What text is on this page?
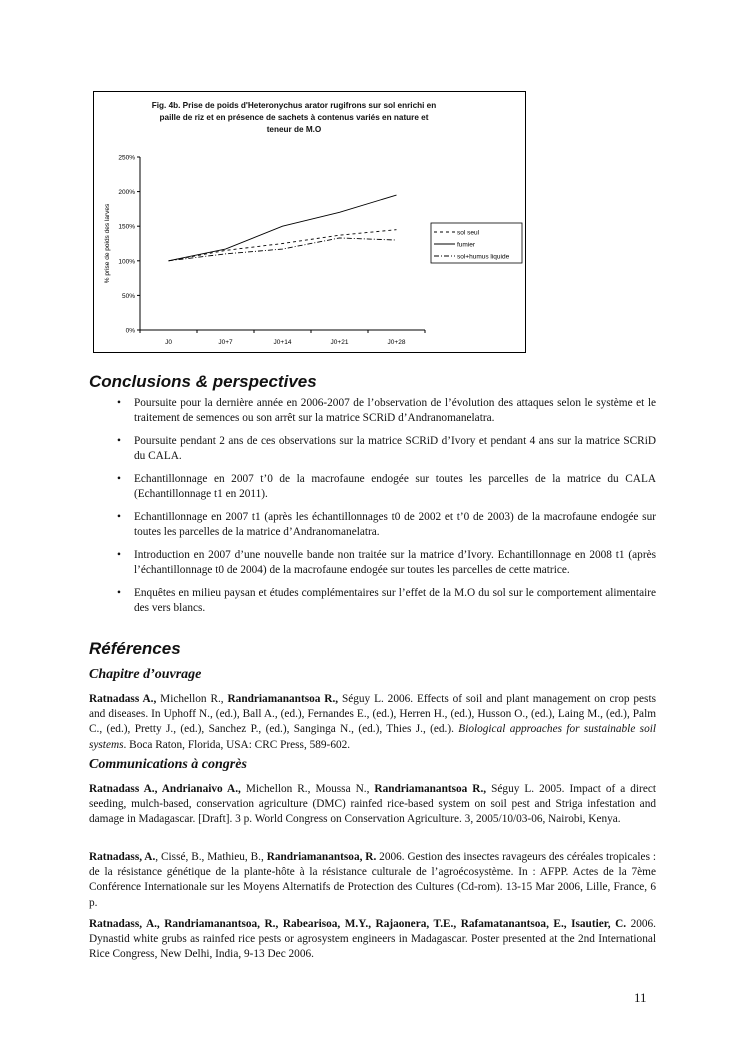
Fig. 4b. Prise de poids d'Heteronychus arator rugifrons sur sol enrichi en
paille de riz et en présence de sachets à contenus variés en nature et
teneur de M.O
0%
50%
100%
150%
200%
250%
J0	J0+7	J0+14	J0+21	J0+28
% prise de poids des larves	sol seul
fumier
sol+humus liquide
Conclusions & perspectives
• Poursuite pour la dernière année en 2006-2007 de l’observation de l’évolution des attaques selon le système et le traitement de semences ou son arrêt sur la matrice SCRiD d’Andranomanelatra.
• Poursuite pendant 2 ans de ces observations sur la matrice SCRiD d’Ivory et pendant 4 ans sur la matrice SCRiD du CALA.
• Echantillonnage en 2007 t’0 de la macrofaune endogée sur toutes les parcelles de la matrice du CALA (Echantillonnage t1 en 2011).
• Echantillonnage en 2007 t1 (après les échantillonnages t0 de 2002 et t’0 de 2003) de la macrofaune endogée sur toutes les parcelles de la matrice d’Andranomanelatra.
• Introduction en 2007 d’une nouvelle bande non traitée sur la matrice d’Ivory. Echantillonnage en 2008 t1 (après l’échantillonnage t0 de 2004) de la macrofaune endogée sur toutes les parcelles de cette matrice.
• Enquêtes en milieu paysan et études complémentaires sur l’effet de la M.O du sol sur le comportement alimentaire des vers blancs.
Références
Chapitre d’ouvrage
Ratnadass A., Michellon R., Randriamanantsoa R., Séguy L. 2006. Effects of soil and plant management on crop pests and diseases. In Uphoff N., (ed.), Ball A., (ed.), Fernandes E., (ed.), Herren H., (ed.), Husson O., (ed.), Laing M., (ed.), Palm C., (ed.), Pretty J., (ed.), Sanchez P., (ed.), Sanginga N., (ed.), Thies J., (ed.). Biological approaches for sustainable soil systems. Boca Raton, Florida, USA: CRC Press, 589-602.
Communications à congrès
Ratnadass A., Andrianaivo A., Michellon R., Moussa N., Randriamanantsoa R., Séguy L. 2005. Impact of a direct seeding, mulch-based, conservation agriculture (DMC) rainfed rice-based system on soil pest and Striga infestation and damage in Madagascar. [Draft]. 3 p. World Congress on Conservation Agriculture. 3, 2005/10/03-06, Nairobi, Kenya.
Ratnadass, A., Cissé, B., Mathieu, B., Randriamanantsoa, R. 2006. Gestion des insectes ravageurs des céréales tropicales : de la résistance génétique de la plante-hôte à la résistance culturale de l’agroécosystème. In : AFPP. Actes de la 7ème Conférence Internationale sur les Moyens Alternatifs de Protection des Cultures (Cd-rom). 13-15 Mar 2006, Lille, France, 6 p.
Ratnadass, A., Randriamanantsoa, R., Rabearisoa, M.Y., Rajaonera, T.E., Rafamatanantsoa, E., Isautier, C. 2006. Dynastid white grubs as rainfed rice pests or agrosystem engineers in Madagascar. Poster presented at the 2nd International Rice Congress, New Delhi, India, 9-13 Dec 2006.
11
